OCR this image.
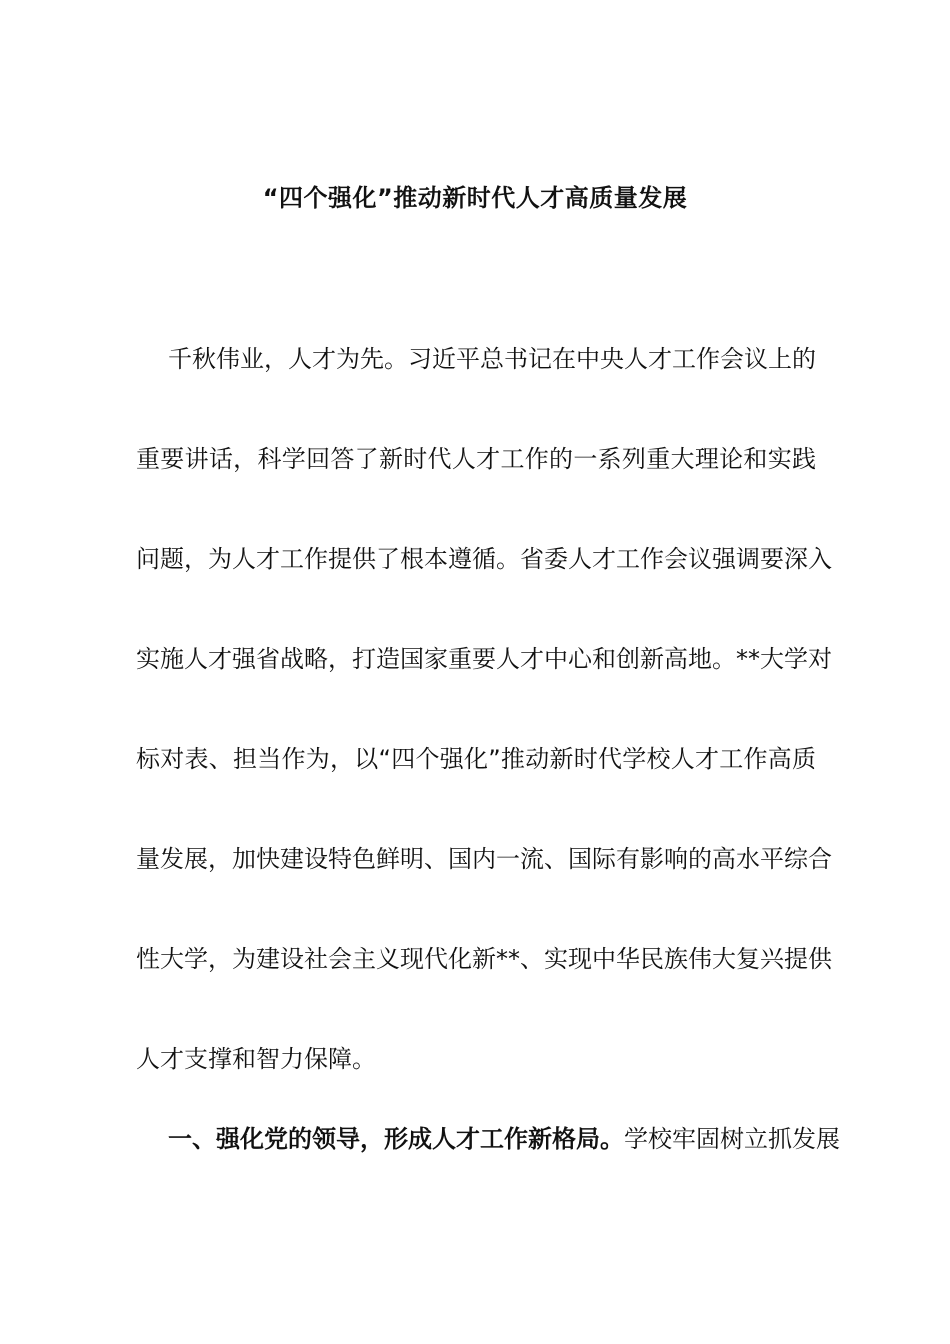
“四个强化”推动新时代人才高质量发展
千秋伟业，人才为先。习近平总书记在中央人才工作会议上的
重要讲话，科学回答了新时代人才工作的一系列重大理论和实践
问题，为人才工作提供了根本遵循。省委人才工作会议强调要深入
实施人才强省战略，打造国家重要人才中心和创新高地。**大学对
标对表、担当作为，以“四个强化”推动新时代学校人才工作高质
量发展，加快建设特色鲜明、国内一流、国际有影响的高水平综合
性大学，为建设社会主义现代化新**、实现中华民族伟大复兴提供
人才支撑和智力保障。
一、强化党的领导，形成人才工作新格局。学校牢固树立抓发展
